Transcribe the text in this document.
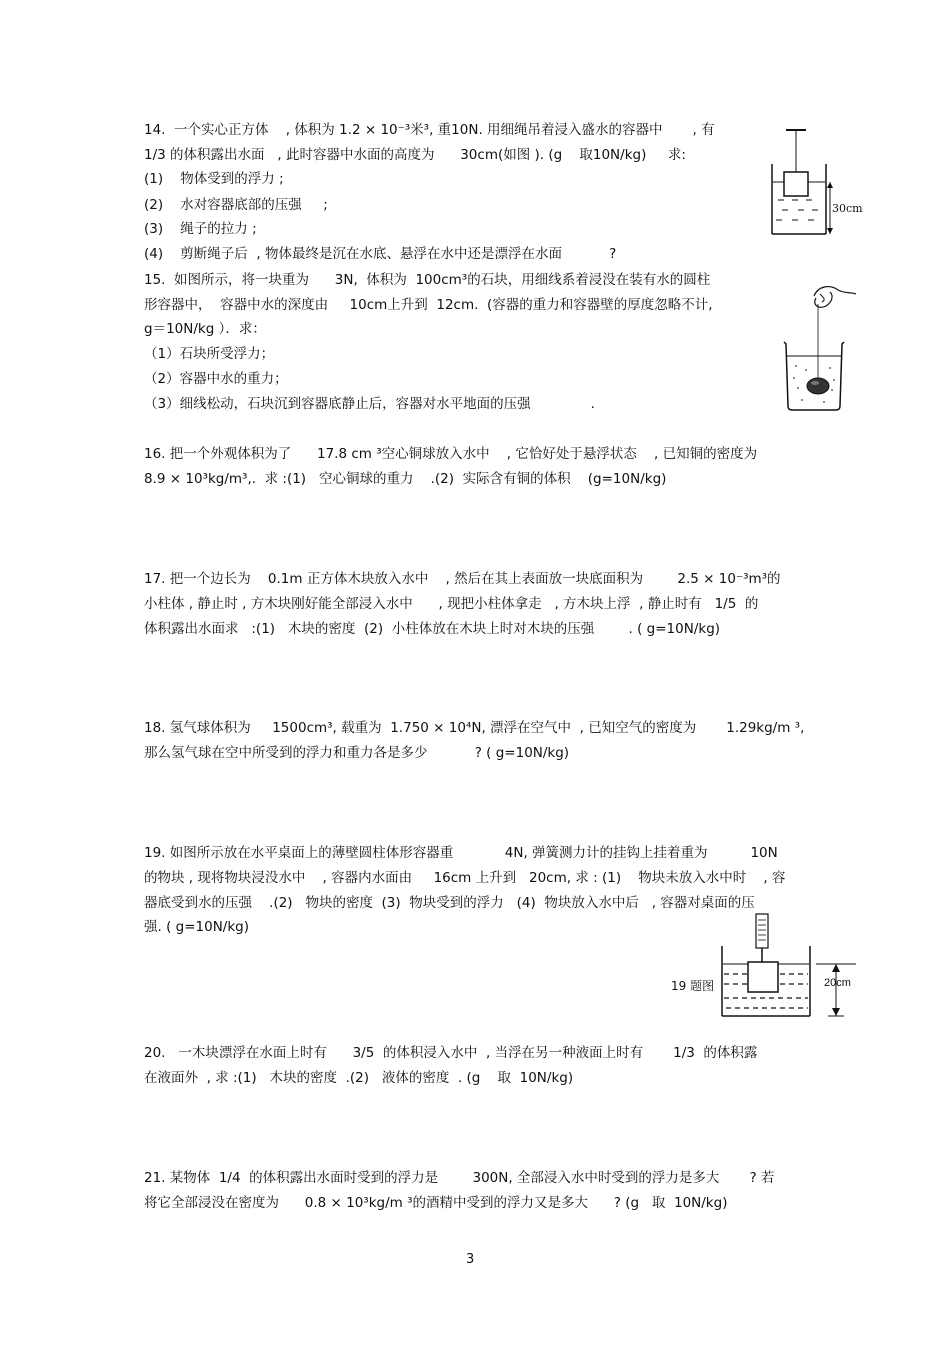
14.  一个实心正方体    , 体积为 1.2 × 10⁻³米³, 重10N. 用细绳吊着浸入盛水的容器中       , 有
1/3 的体积露出水面   , 此时容器中水面的高度为      30cm(如图 ). (g    取10N/kg)     求:
(1)    物体受到的浮力 ;
(2)    水对容器底部的压强     ;
(3)    绳子的拉力 ;
(4)    剪断绳子后  , 物体最终是沉在水底、悬浮在水中还是漂浮在水面           ?
30cm
15.  如图所示，将一块重为      3N,  体积为  100cm³的石块，用细线系着浸没在装有水的圆柱
形容器中，  容器中水的深度由     10cm上升到  12cm.  (容器的重力和容器壁的厚度忽略不计,
g＝10N/kg ）．求：
（1）石块所受浮力；
（2）容器中水的重力；
（3）细线松动，石块沉到容器底静止后，容器对水平地面的压强              .
16. 把一个外观体积为了      17.8 cm ³空心铜球放入水中    , 它恰好处于悬浮状态    , 已知铜的密度为
8.9 × 10³kg/m³,.  求 :(1)   空心铜球的重力    .(2)  实际含有铜的体积    (g=10N/kg)
17. 把一个边长为    0.1m 正方体木块放入水中    , 然后在其上表面放一块底面积为        2.5 × 10⁻³m³的
小柱体 , 静止时 , 方木块刚好能全部浸入水中      , 现把小柱体拿走   , 方木块上浮  , 静止时有   1/5  的
体积露出水面求   :(1)   木块的密度  (2)  小柱体放在木块上时对木块的压强        . ( g=10N/kg)
18. 氢气球体积为     1500cm³, 载重为  1.750 × 10⁴N, 漂浮在空气中  , 已知空气的密度为       1.29kg/m ³,
那么氢气球在空中所受到的浮力和重力各是多少           ? ( g=10N/kg)
19. 如图所示放在水平桌面上的薄壁圆柱体形容器重            4N, 弹簧测力计的挂钩上挂着重为          10N
的物块 , 现将物块浸没水中    , 容器内水面由     16cm 上升到   20cm, 求 : (1)    物块未放入水中时    , 容
器底受到水的压强    .(2)   物块的密度  (3)  物块受到的浮力   (4)  物块放入水中后   , 容器对桌面的压
强. ( g=10N/kg)
19 题图	20cm
20.   一木块漂浮在水面上时有      3/5  的体积浸入水中  , 当浮在另一种液面上时有       1/3  的体积露
在液面外  , 求 :(1)   木块的密度  .(2)   液体的密度  . (g    取  10N/kg)
21. 某物体  1/4  的体积露出水面时受到的浮力是        300N, 全部浸入水中时受到的浮力是多大       ? 若
将它全部浸没在密度为      0.8 × 10³kg/m ³的酒精中受到的浮力又是多大      ? (g   取  10N/kg)
3
